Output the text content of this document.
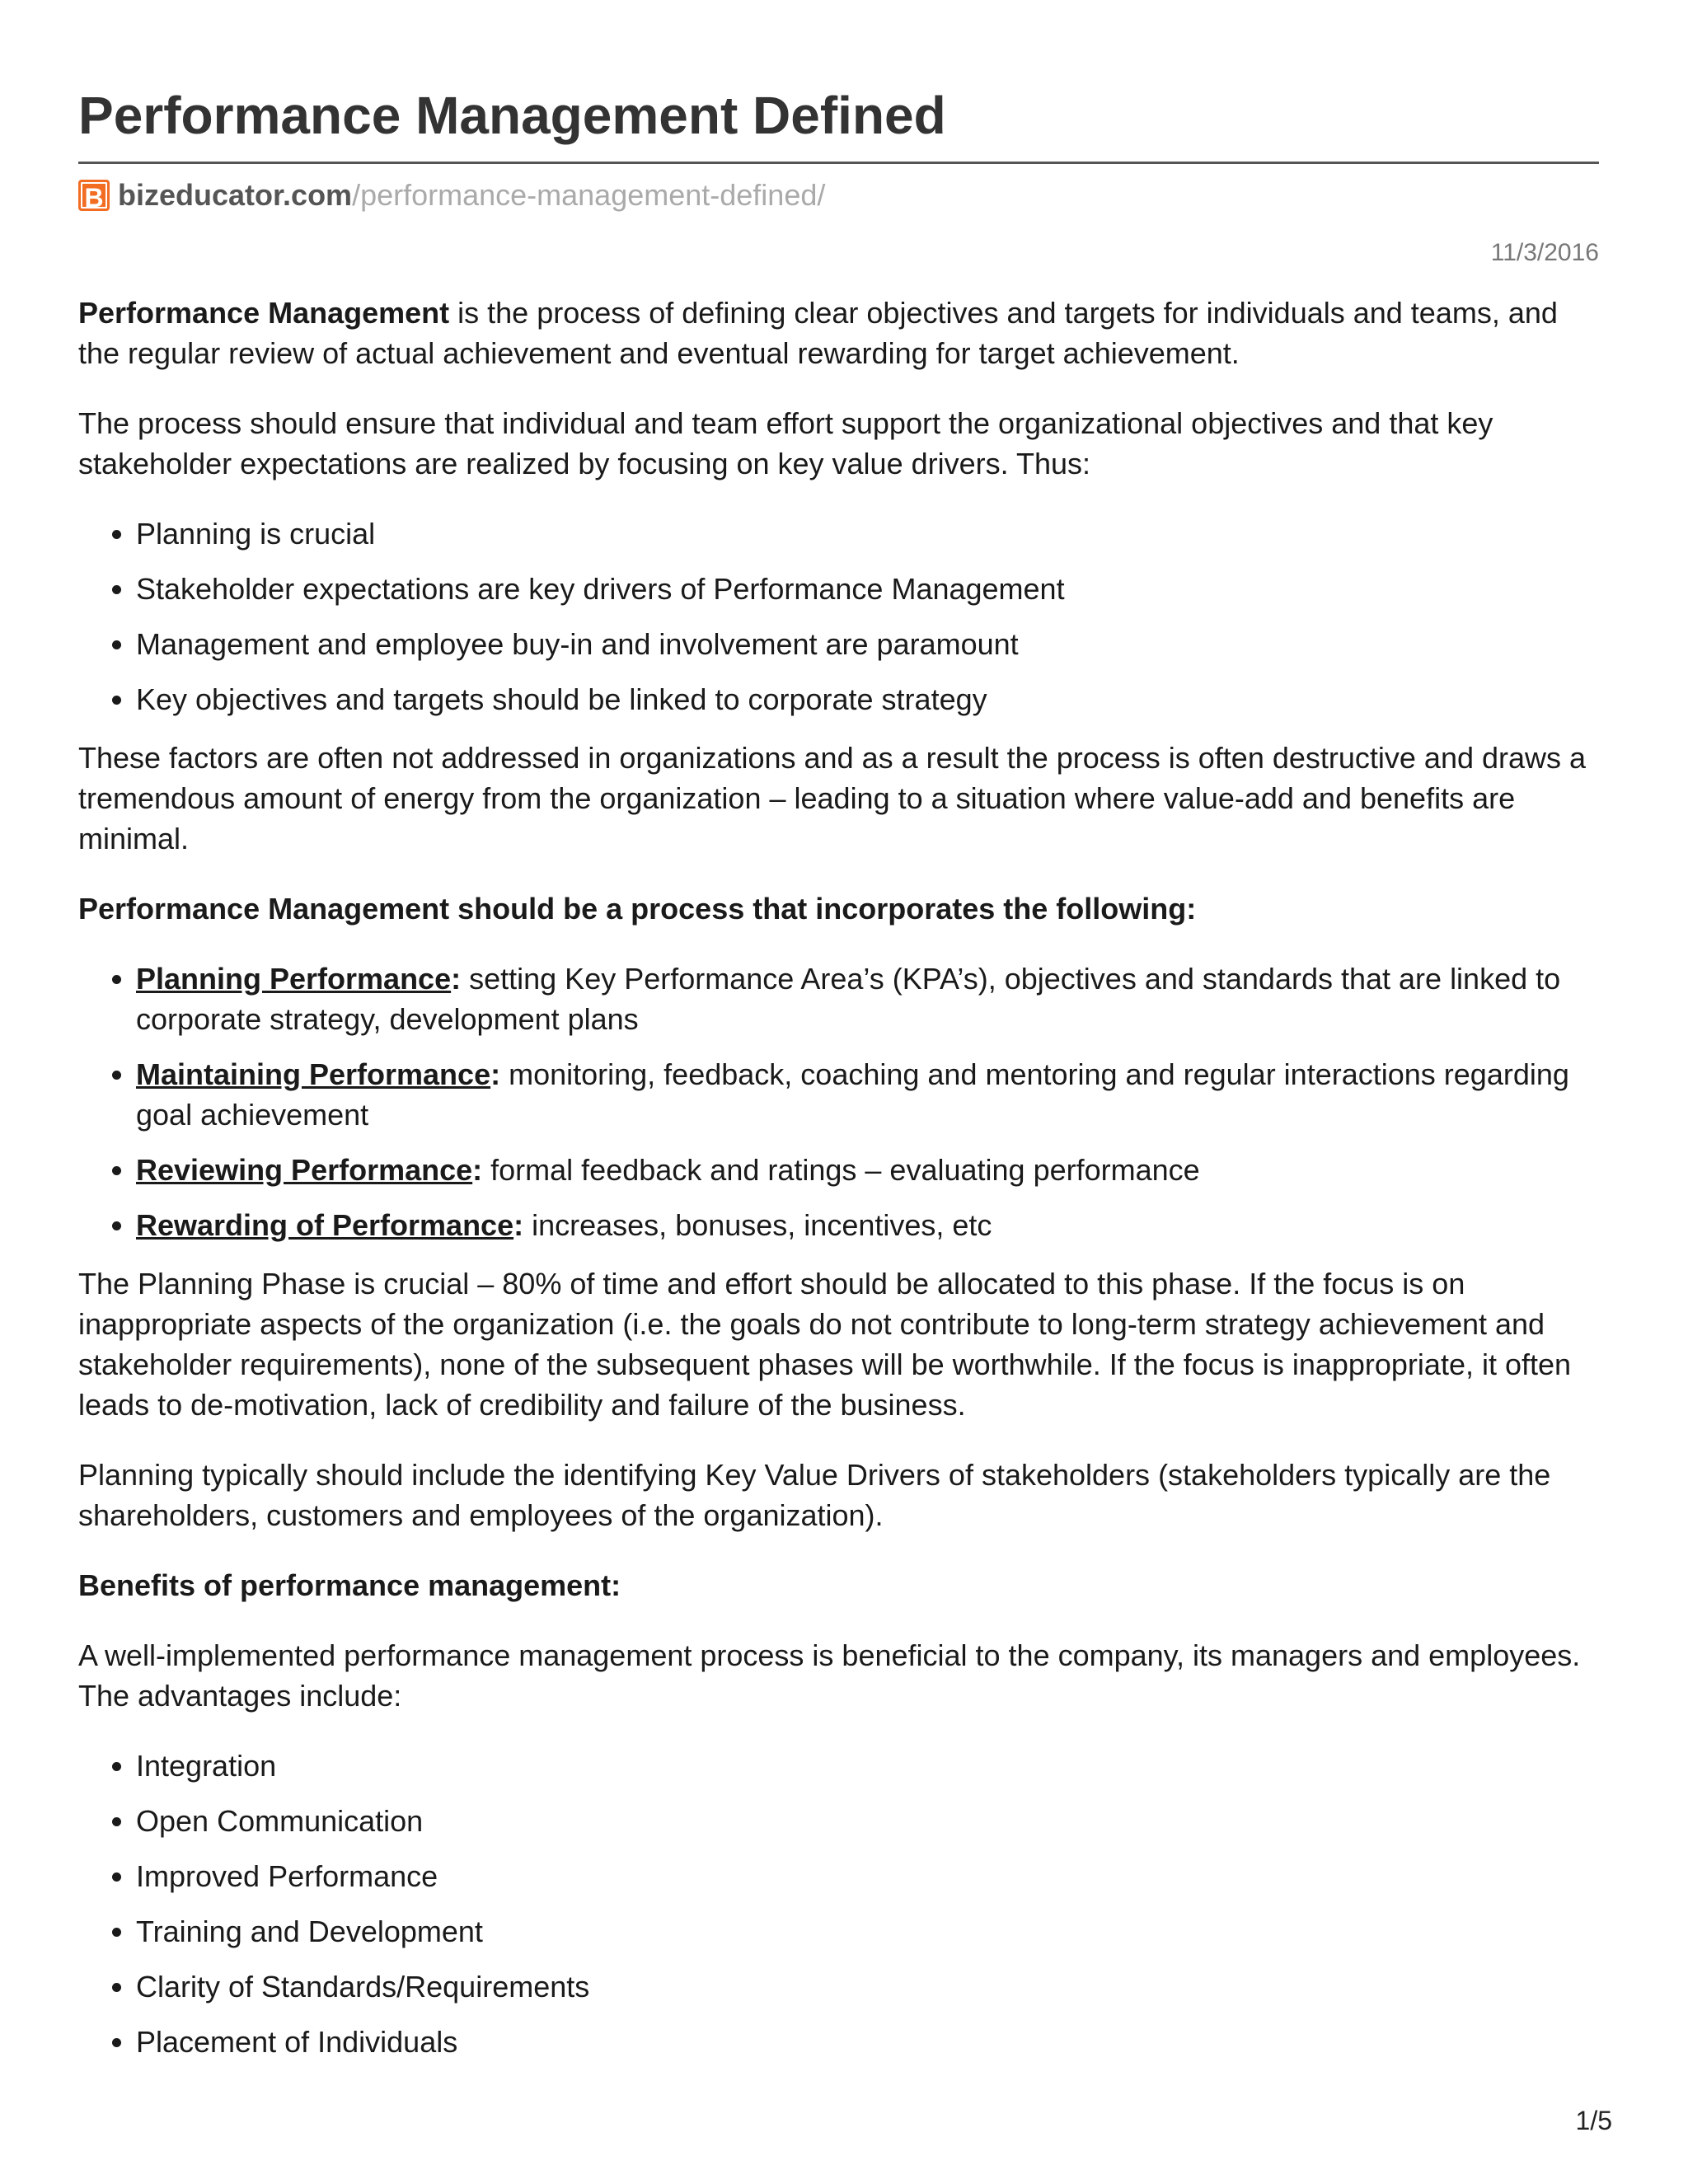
Performance Management Defined
B bizeducator.com /performance-management-defined/
11/3/2016

Performance Management is the process of defining clear objectives and targets for individuals and teams, and the regular review of actual achievement and eventual rewarding for target achievement.

The process should ensure that individual and team effort support the organizational objectives and that key stakeholder expectations are realized by focusing on key value drivers. Thus:

• Planning is crucial
• Stakeholder expectations are key drivers of Performance Management
• Management and employee buy-in and involvement are paramount
• Key objectives and targets should be linked to corporate strategy

These factors are often not addressed in organizations and as a result the process is often destructive and draws a tremendous amount of energy from the organization – leading to a situation where value-add and benefits are minimal.

Performance Management should be a process that incorporates the following:

• Planning Performance: setting Key Performance Area’s (KPA’s), objectives and standards that are linked to corporate strategy, development plans
• Maintaining Performance: monitoring, feedback, coaching and mentoring and regular interactions regarding goal achievement
• Reviewing Performance: formal feedback and ratings – evaluating performance
• Rewarding of Performance: increases, bonuses, incentives, etc

The Planning Phase is crucial – 80% of time and effort should be allocated to this phase. If the focus is on inappropriate aspects of the organization (i.e. the goals do not contribute to long-term strategy achievement and stakeholder requirements), none of the subsequent phases will be worthwhile. If the focus is inappropriate, it often leads to de-motivation, lack of credibility and failure of the business.

Planning typically should include the identifying Key Value Drivers of stakeholders (stakeholders typically are the shareholders, customers and employees of the organization).

Benefits of performance management:

A well-implemented performance management process is beneficial to the company, its managers and employees. The advantages include:

• Integration
• Open Communication
• Improved Performance
• Training and Development
• Clarity of Standards/Requirements
• Placement of Individuals
1/5
